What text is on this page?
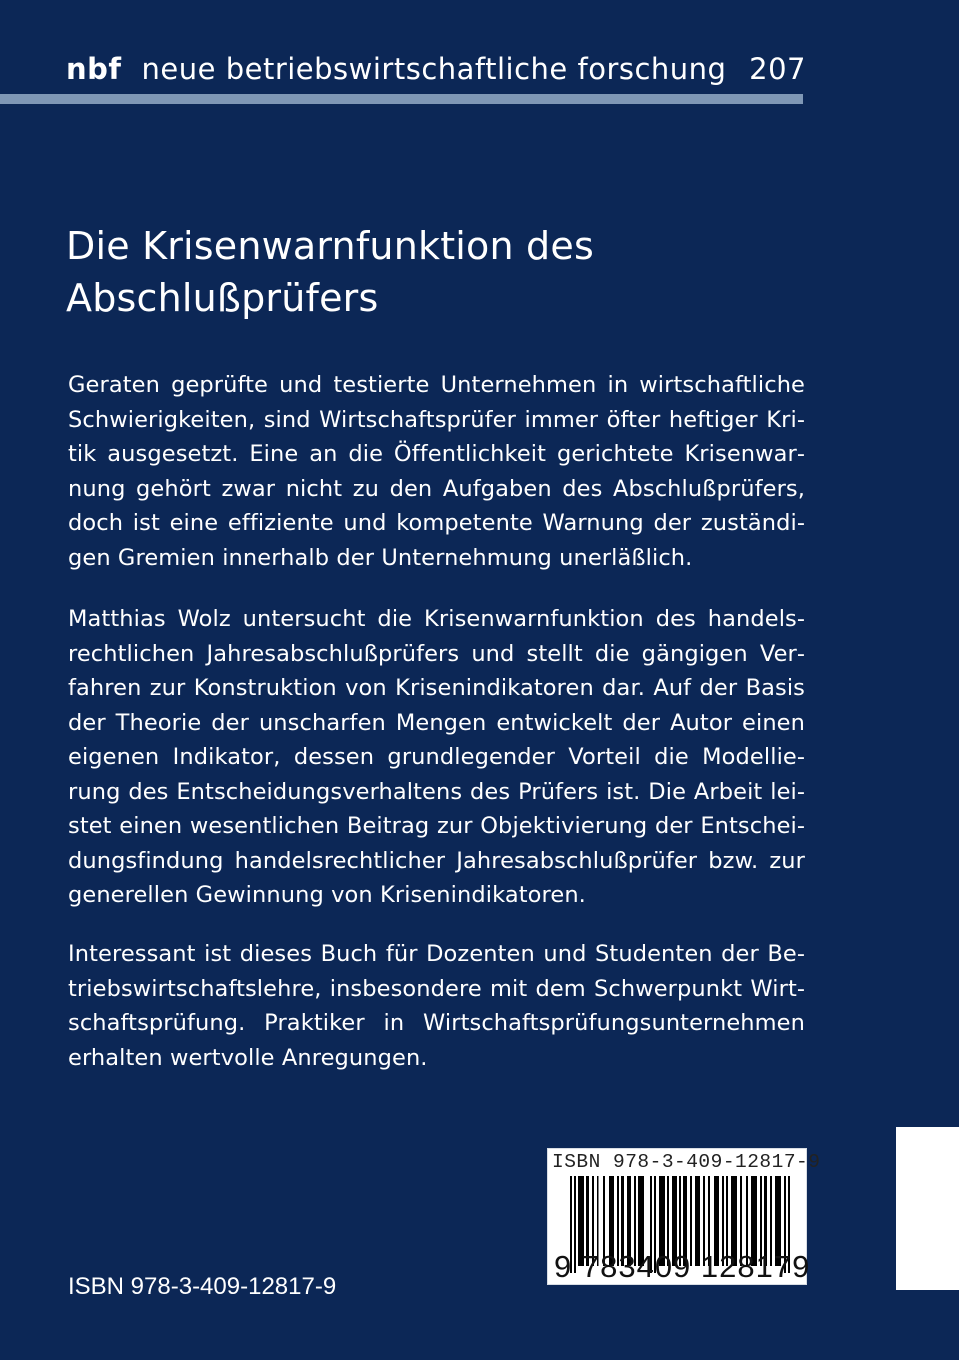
nbf neue betriebswirtschaftliche forschung 207
Die Krisenwarnfunktion des
Abschlußprüfers
Geraten geprüfte und testierte Unternehmen in wirtschaftliche Schwierigkeiten, sind Wirtschaftsprüfer immer öfter heftiger Kritik ausgesetzt. Eine an die Öffentlichkeit gerichtete Krisenwarnung gehört zwar nicht zu den Aufgaben des Abschlußprüfers, doch ist eine effiziente und kompetente Warnung der zuständigen Gremien innerhalb der Unternehmung unerläßlich.
Matthias Wolz untersucht die Krisenwarnfunktion des handelsrechtlichen Jahresabschlußprüfers und stellt die gängigen Verfahren zur Konstruktion von Krisenindikatoren dar. Auf der Basis der Theorie der unscharfen Mengen entwickelt der Autor einen eigenen Indikator, dessen grundlegender Vorteil die Modellierung des Entscheidungsverhaltens des Prüfers ist. Die Arbeit leistet einen wesentlichen Beitrag zur Objektivierung der Entscheidungsfindung handelsrechtlicher Jahresabschlußprüfer bzw. zur generellen Gewinnung von Krisenindikatoren.
Interessant ist dieses Buch für Dozenten und Studenten der Betriebswirtschaftslehre, insbesondere mit dem Schwerpunkt Wirtschaftsprüfung. Praktiker in Wirtschaftsprüfungsunternehmen erhalten wertvolle Anregungen.
ISBN 978-3-409-12817-9
9 783409 128179
ISBN 978-3-409-12817-9
